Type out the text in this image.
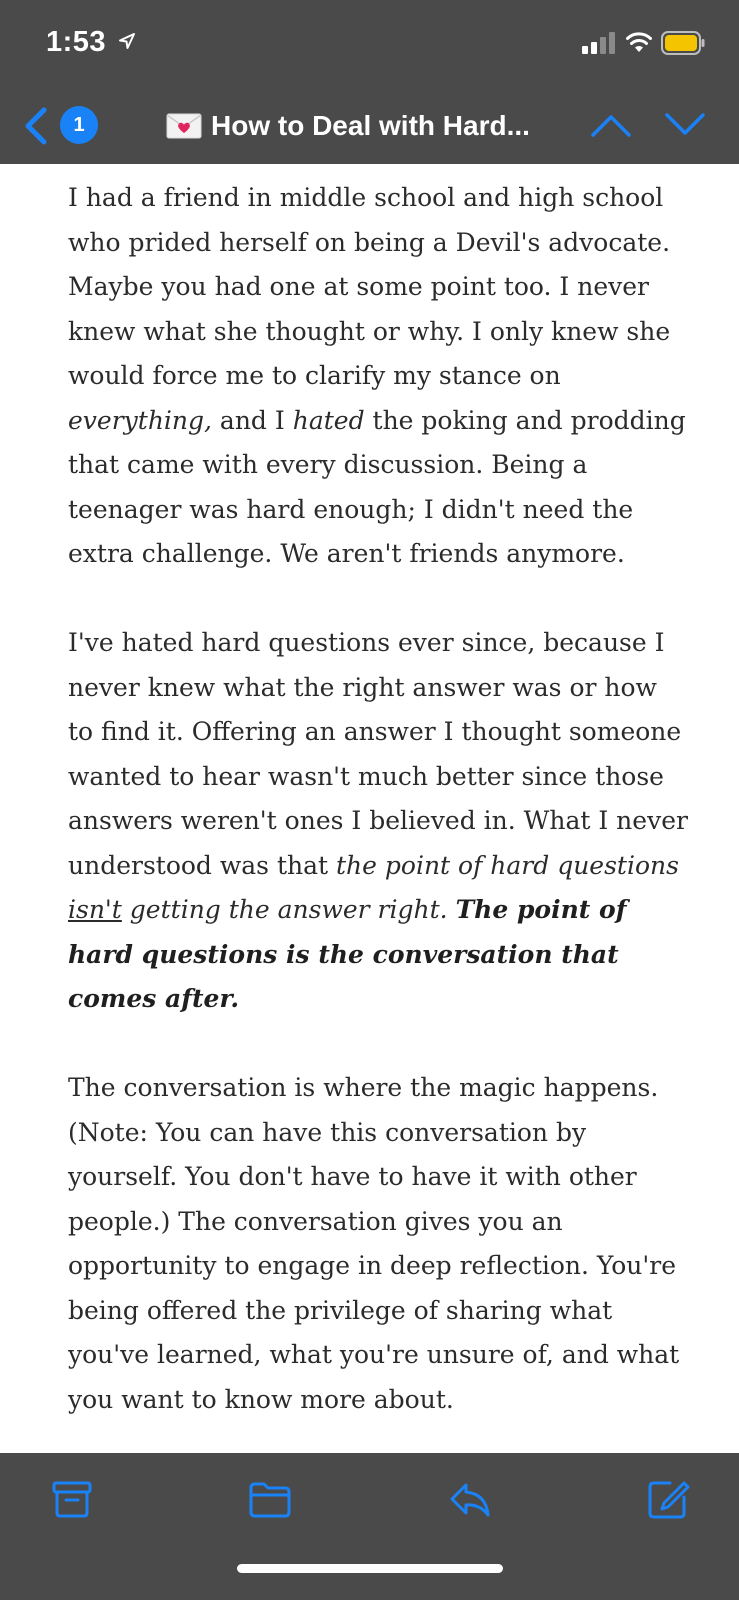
1:53
1	How to Deal with Hard...

I had a friend in middle school and high school who prided herself on being a Devil's advocate. Maybe you had one at some point too. I never knew what she thought or why. I only knew she would force me to clarify my stance on everything, and I hated the poking and prodding that came with every discussion. Being a teenager was hard enough; I didn't need the extra challenge. We aren't friends anymore.

I've hated hard questions ever since, because I never knew what the right answer was or how to find it. Offering an answer I thought someone wanted to hear wasn't much better since those answers weren't ones I believed in. What I never understood was that the point of hard questions isn't getting the answer right. The point of hard questions is the conversation that comes after.

The conversation is where the magic happens. (Note: You can have this conversation by yourself. You don't have to have it with other people.) The conversation gives you an opportunity to engage in deep reflection. You're being offered the privilege of sharing what you've learned, what you're unsure of, and what you want to know more about.
